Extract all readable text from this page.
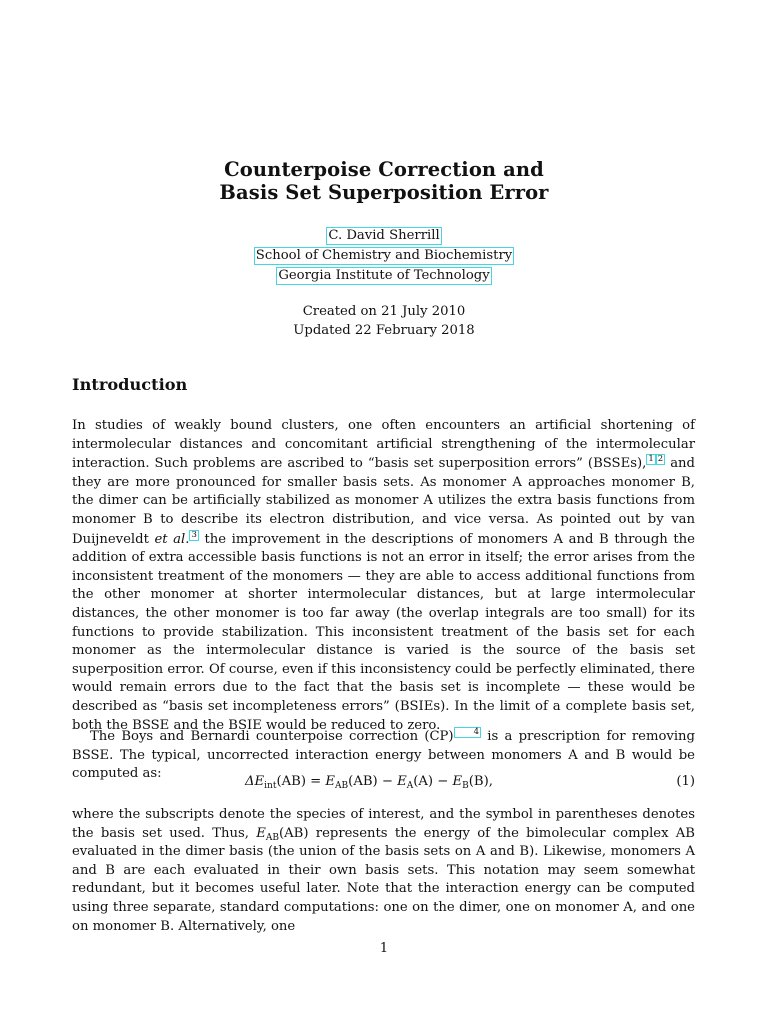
Counterpoise Correction and
Basis Set Superposition Error
C. David Sherrill
School of Chemistry and Biochemistry
Georgia Institute of Technology
Created on 21 July 2010
Updated 22 February 2018
Introduction
In studies of weakly bound clusters, one often encounters an artificial shortening of intermolecular distances and concomitant artificial strengthening of the intermolecular interaction. Such problems are ascribed to “basis set superposition errors” (BSSEs), 1 2 and they are more pronounced for smaller basis sets. As monomer A approaches monomer B, the dimer can be artificially stabilized as monomer A utilizes the extra basis functions from monomer B to describe its electron distribution, and vice versa. As pointed out by van Duijneveldt et al. 3 the improvement in the descriptions of monomers A and B through the addition of extra accessible basis functions is not an error in itself; the error arises from the inconsistent treatment of the monomers — they are able to access additional functions from the other monomer at shorter intermolecular distances, but at large intermolecular distances, the other monomer is too far away (the overlap integrals are too small) for its functions to provide stabilization. This inconsistent treatment of the basis set for each monomer as the intermolecular distance is varied is the source of the basis set superposition error. Of course, even if this inconsistency could be perfectly eliminated, there would remain errors due to the fact that the basis set is incomplete — these would be described as “basis set incompleteness errors” (BSIEs). In the limit of a complete basis set, both the BSSE and the BSIE would be reduced to zero.
The Boys and Bernardi counterpoise correction (CP) 4 is a prescription for removing BSSE. The typical, uncorrected interaction energy between monomers A and B would be computed as:
$\Delta E_{int}(AB) = E_{AB}(AB) - E_A(A) - E_B(B)$,	(1)
where the subscripts denote the species of interest, and the symbol in parentheses denotes the basis set used. Thus, $E_{AB}(AB)$ represents the energy of the bimolecular complex AB evaluated in the dimer basis (the union of the basis sets on A and B). Likewise, monomers A and B are each evaluated in their own basis sets. This notation may seem somewhat redundant, but it becomes useful later. Note that the interaction energy can be computed using three separate, standard computations: one on the dimer, one on monomer A, and one on monomer B. Alternatively, one
1
